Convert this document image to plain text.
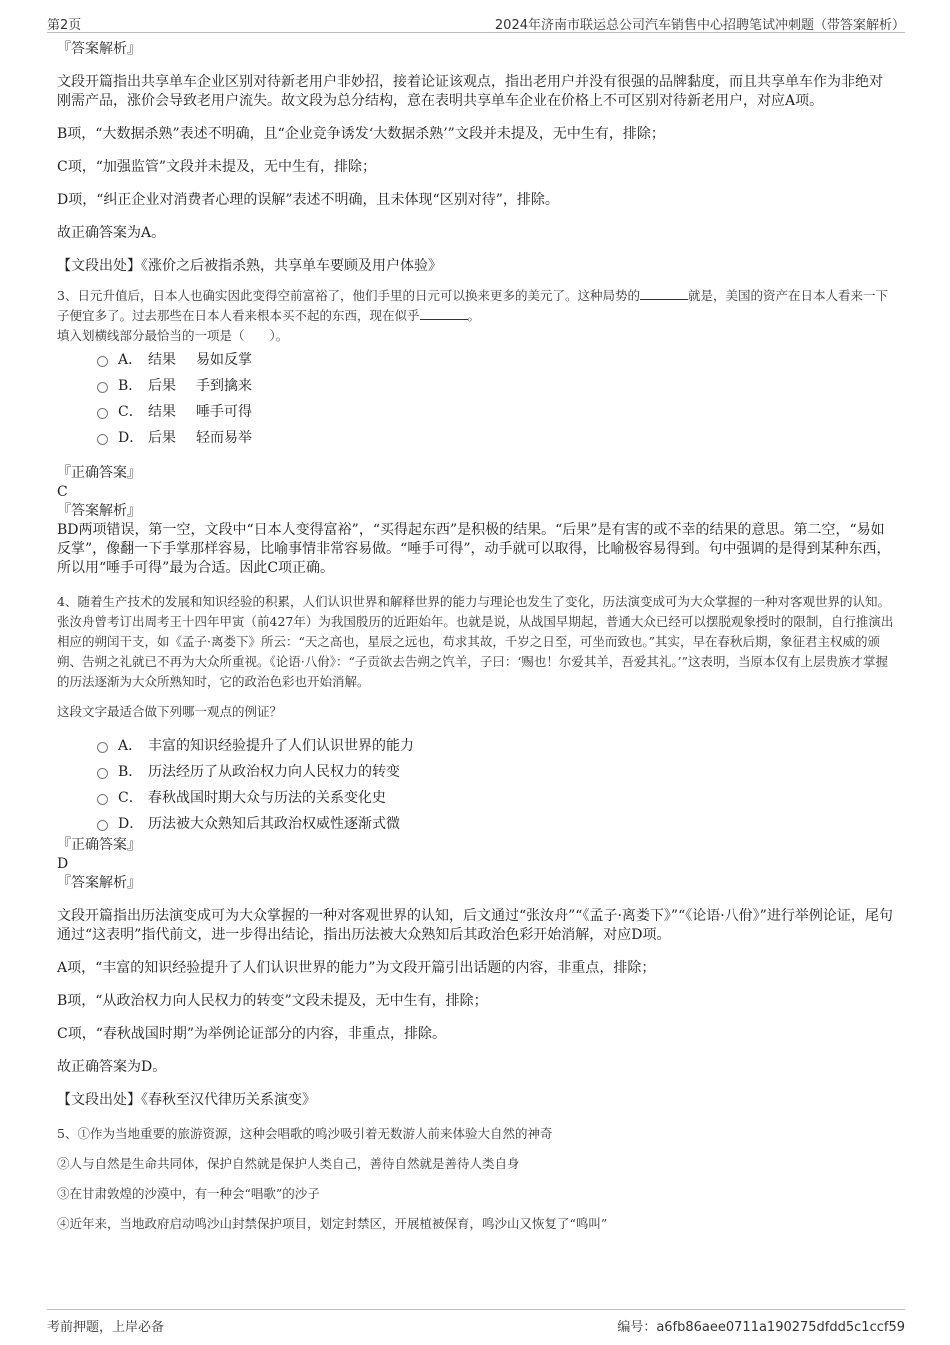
第2页	2024年济南市联运总公司汽车销售中心招聘笔试冲刺题（带答案解析）

『答案解析』

文段开篇指出共享单车企业区别对待新老用户非妙招，接着论证该观点，指出老用户并没有很强的品牌黏度，而且共享单车作为非绝对刚需产品，涨价会导致老用户流失。故文段为总分结构，意在表明共享单车企业在价格上不可区别对待新老用户，对应A项。

B项，“大数据杀熟”表述不明确，且“企业竞争诱发‘大数据杀熟’”文段并未提及，无中生有，排除；

C项，“加强监管”文段并未提及，无中生有，排除；

D项，“纠正企业对消费者心理的误解”表述不明确，且未体现“区别对待”，排除。

故正确答案为A。

【文段出处】《涨价之后被指杀熟，共享单车要顾及用户体验》

3、日元升值后，日本人也确实因此变得空前富裕了，他们手里的日元可以换来更多的美元了。这种局势的	就是，美国的资产在日本人看来一下子便宜多了。过去那些在日本人看来根本买不起的东西，现在似乎	。

填入划横线部分最恰当的一项是（　　）。

A． 结果	易如反掌
B． 后果	手到擒来
C． 结果	唾手可得
D． 后果	轻而易举

『正确答案』

C

『答案解析』

BD两项错误，第一空，文段中“日本人变得富裕”，“买得起东西”是积极的结果。“后果”是有害的或不幸的结果的意思。第二空，“易如反掌”，像翻一下手掌那样容易，比喻事情非常容易做。“唾手可得”，动手就可以取得，比喻极容易得到。句中强调的是得到某种东西，所以用“唾手可得”最为合适。因此C项正确。

4、随着生产技术的发展和知识经验的积累，人们认识世界和解释世界的能力与理论也发生了变化，历法演变成可为大众掌握的一种对客观世界的认知。张汝舟曾考订出周考王十四年甲寅（前427年）为我国殷历的近距始年。也就是说，从战国早期起，普通大众已经可以摆脱观象授时的限制，自行推演出相应的朔闰干支，如《孟子·离娄下》所云：“天之高也，星辰之远也，苟求其故，千岁之日至，可坐而致也。”其实，早在春秋后期，象征君主权威的颁朔、告朔之礼就已不再为大众所重视。《论语·八佾》：“子贡欲去告朔之饩羊，子曰：‘赐也！尔爱其羊，吾爱其礼。’”这表明，当原本仅有上层贵族才掌握的历法逐渐为大众所熟知时，它的政治色彩也开始消解。

这段文字最适合做下列哪一观点的例证？

A． 丰富的知识经验提升了人们认识世界的能力
B． 历法经历了从政治权力向人民权力的转变
C． 春秋战国时期大众与历法的关系变化史
D． 历法被大众熟知后其政治权威性逐渐式微

『正确答案』

D

『答案解析』

文段开篇指出历法演变成可为大众掌握的一种对客观世界的认知，后文通过“张汝舟”“《孟子·离娄下》”“《论语·八佾》”进行举例论证，尾句通过“这表明”指代前文，进一步得出结论，指出历法被大众熟知后其政治色彩开始消解，对应D项。

A项，“丰富的知识经验提升了人们认识世界的能力”为文段开篇引出话题的内容，非重点，排除；

B项，“从政治权力向人民权力的转变”文段未提及，无中生有，排除；

C项，“春秋战国时期”为举例论证部分的内容，非重点，排除。

故正确答案为D。

【文段出处】《春秋至汉代律历关系演变》

5、①作为当地重要的旅游资源，这种会唱歌的鸣沙吸引着无数游人前来体验大自然的神奇

②人与自然是生命共同体，保护自然就是保护人类自己，善待自然就是善待人类自身

③在甘肃敦煌的沙漠中，有一种会“唱歌”的沙子

④近年来，当地政府启动鸣沙山封禁保护项目，划定封禁区，开展植被保育，鸣沙山又恢复了“鸣叫”

考前押题，上岸必备	编号：a6fb86aee0711a190275dfdd5c1ccf59
